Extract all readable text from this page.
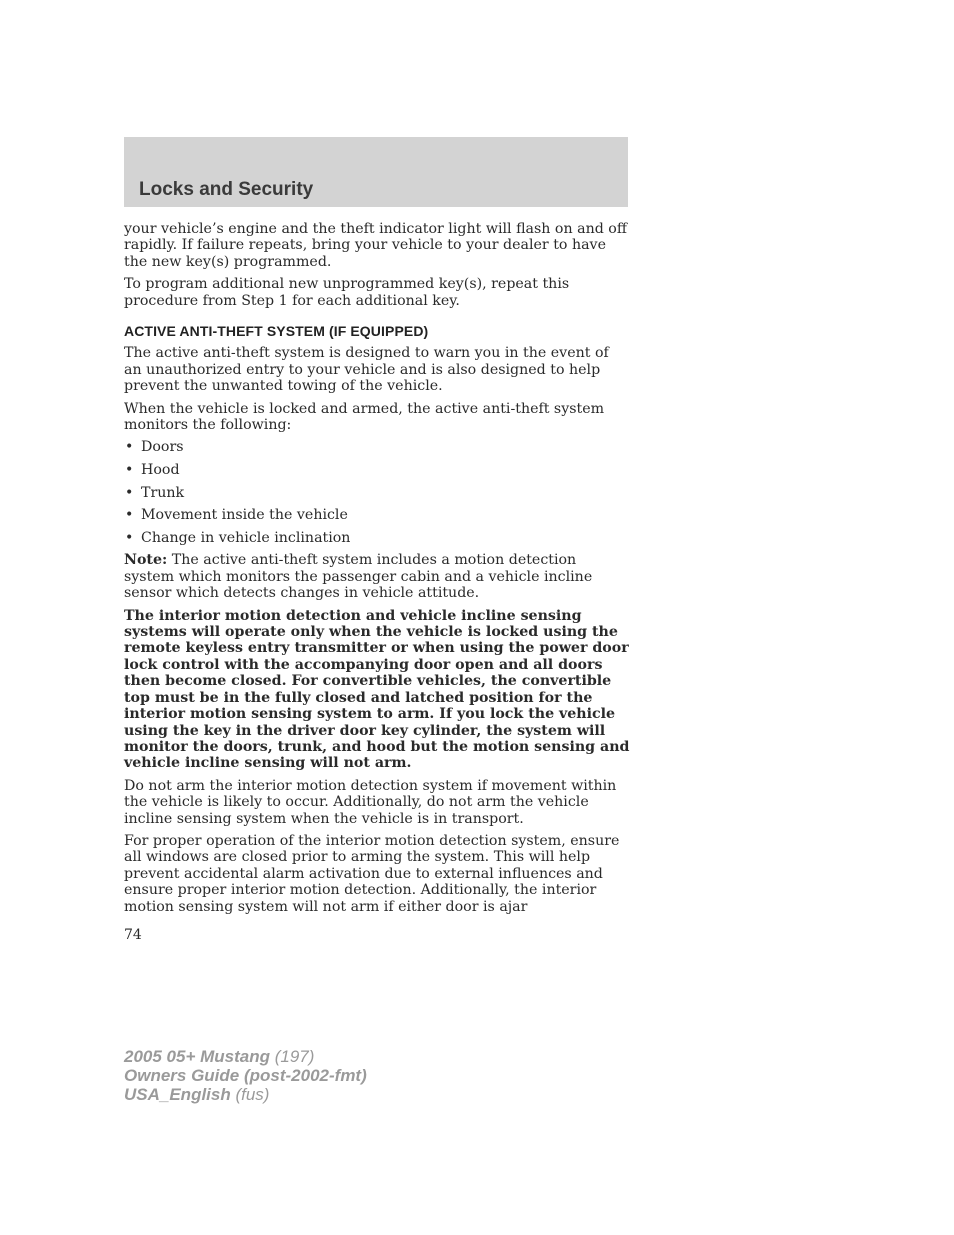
Locks and Security

your vehicle’s engine and the theft indicator light will flash on and off rapidly. If failure repeats, bring your vehicle to your dealer to have the new key(s) programmed.

To program additional new unprogrammed key(s), repeat this procedure from Step 1 for each additional key.

ACTIVE ANTI-THEFT SYSTEM (IF EQUIPPED)

The active anti-theft system is designed to warn you in the event of an unauthorized entry to your vehicle and is also designed to help prevent the unwanted towing of the vehicle.

When the vehicle is locked and armed, the active anti-theft system monitors the following:

• Doors
• Hood
• Trunk
• Movement inside the vehicle
• Change in vehicle inclination

Note: The active anti-theft system includes a motion detection system which monitors the passenger cabin and a vehicle incline sensor which detects changes in vehicle attitude.

The interior motion detection and vehicle incline sensing systems will operate only when the vehicle is locked using the remote keyless entry transmitter or when using the power door lock control with the accompanying door open and all doors then become closed. For convertible vehicles, the convertible top must be in the fully closed and latched position for the interior motion sensing system to arm. If you lock the vehicle using the key in the driver door key cylinder, the system will monitor the doors, trunk, and hood but the motion sensing and vehicle incline sensing will not arm.

Do not arm the interior motion detection system if movement within the vehicle is likely to occur. Additionally, do not arm the vehicle incline sensing system when the vehicle is in transport.

For proper operation of the interior motion detection system, ensure all windows are closed prior to arming the system. This will help prevent accidental alarm activation due to external influences and ensure proper interior motion detection. Additionally, the interior motion sensing system will not arm if either door is ajar

74
2005 05+ Mustang (197)
Owners Guide (post-2002-fmt)
USA_English (fus)
